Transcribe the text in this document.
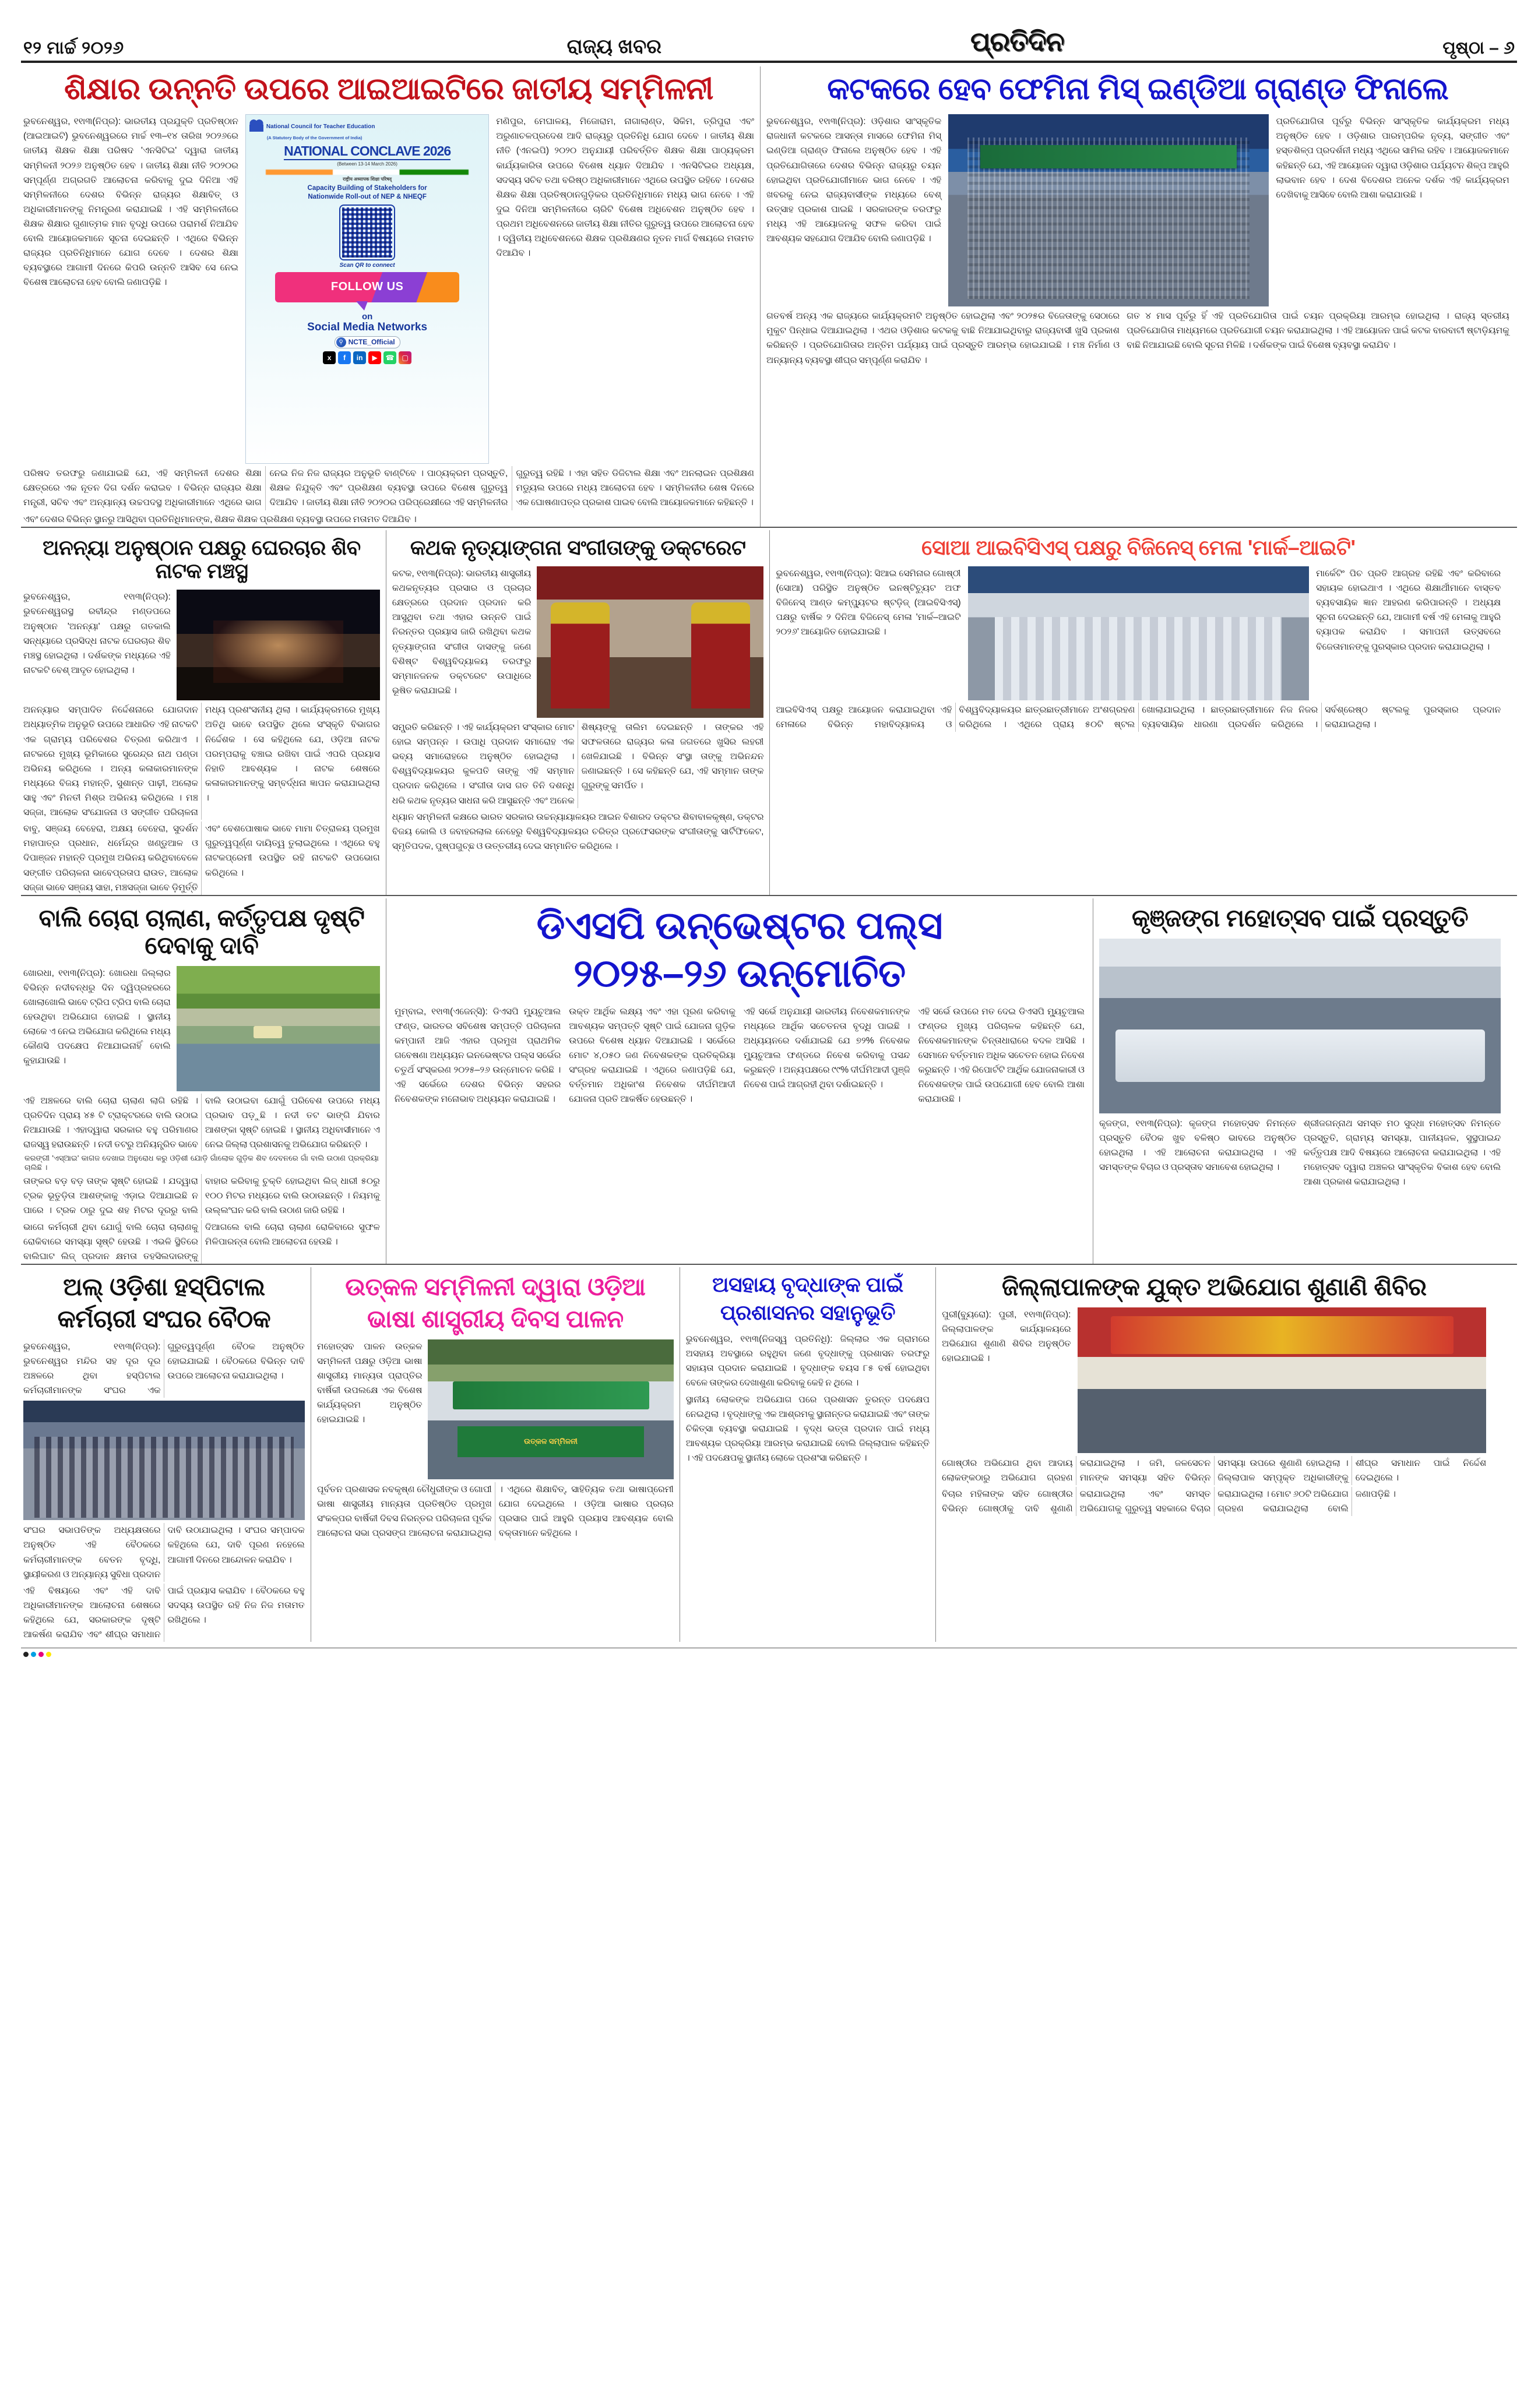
୧୨ ମାର୍ଚ୍ଚ ୨୦୨୬	ରାଜ୍ୟ ଖବର	ପ୍ରତିଦିନ	ପୃଷ୍ଠା – ୬
ଶିକ୍ଷାର ଉନ୍ନତି ଉପରେ ଆଇଆଇଟିରେ ଜାତୀୟ ସମ୍ମିଳନୀ
ଭୁବନେଶ୍ୱର, ୧୧ା୩(ନିପ୍ର): ଭାରତୀୟ ପ୍ରଯୁକ୍ତି ପ୍ରତିଷ୍ଠାନ (ଆଇଆଇଟି) ଭୁବନେଶ୍ୱରରେ ମାର୍ଚ୍ଚ ୧୩–୧୪ ତାରିଖ ୨୦୨୬ରେ ଜାତୀୟ ଶିକ୍ଷକ ଶିକ୍ଷା ପରିଷଦ 'ଏନସିଟିଇ' ଦ୍ୱାରା ଜାତୀୟ ସମ୍ମିଳନୀ ୨୦୨୬ ଅନୁଷ୍ଠିତ ହେବ । ଜାତୀୟ ଶିକ୍ଷା ନୀତି ୨୦୨୦ର ସମ୍ପୂର୍ଣ୍ଣ ଅଗ୍ରଗତି ଆଲୋଚନା କରିବାକୁ ଦୁଇ ଦିନିଆ ଏହି ସମ୍ମିଳନୀରେ ଦେଶର ବିଭିନ୍ନ ରାଜ୍ୟର ଶିକ୍ଷାବିତ୍ ଓ ଅଧିକାରୀମାନଙ୍କୁ ନିମନ୍ତ୍ରଣ କରାଯାଇଛି । ଏହି ସମ୍ମିଳନୀରେ ଶିକ୍ଷକ ଶିକ୍ଷାର ଗୁଣାତ୍ମକ ମାନ ବୃଦ୍ଧି ଉପରେ ପରାମର୍ଶ ନିଆଯିବ ବୋଲି ଆୟୋଜକମାନେ ସୂଚନା ଦେଇଛନ୍ତି । ଏଥିରେ ବିଭିନ୍ନ ରାଜ୍ୟର ପ୍ରତିନିଧିମାନେ ଯୋଗ ଦେବେ । ଦେଶର ଶିକ୍ଷା ବ୍ୟବସ୍ଥାରେ ଆଗାମୀ ଦିନରେ କିପରି ଉନ୍ନତି ଆସିବ ସେ ନେଇ ବିଶେଷ ଆଲୋଚନା ହେବ ବୋଲି ଜଣାପଡ଼ିଛି ।
National Council for Teacher Education
(A Statutory Body of the Government of India)
NATIONAL CONCLAVE 2026
(Between 13-14 March 2026)
राष्ट्रीय अध्यापक शिक्षा परिषद्
Capacity Building of Stakeholders for
Nationwide Roll-out of NEP & NHEQF
Scan QR to connect
FOLLOW US
on
Social Media Networks
⚲ NCTE_Official
x	f	in	▶	☎	▢
ମଣିପୁର, ମେଘାଳୟ, ମିଜୋରାମ, ନାଗାଲାଣ୍ଡ, ସିକିମ, ତ୍ରିପୁରା ଏବଂ ଅରୁଣାଚଳପ୍ରଦେଶ ଆଦି ରାଜ୍ୟରୁ ପ୍ରତିନିଧି ଯୋଗ ଦେବେ । ଜାତୀୟ ଶିକ୍ଷା ନୀତି (ଏନଇପି) ୨୦୨୦ ଅନୁଯାୟୀ ପରିବର୍ତ୍ତିତ ଶିକ୍ଷକ ଶିକ୍ଷା ପାଠ୍ୟକ୍ରମ କାର୍ଯ୍ୟକାରିତା ଉପରେ ବିଶେଷ ଧ୍ୟାନ ଦିଆଯିବ । ଏନସିଟିଇର ଅଧ୍ୟକ୍ଷ, ସଦସ୍ୟ ସଚିବ ତଥା ବରିଷ୍ଠ ଅଧିକାରୀମାନେ ଏଥିରେ ଉପସ୍ଥିତ ରହିବେ । ଦେଶର ଶିକ୍ଷକ ଶିକ୍ଷା ପ୍ରତିଷ୍ଠାନଗୁଡ଼ିକର ପ୍ରତିନିଧିମାନେ ମଧ୍ୟ ଭାଗ ନେବେ । ଏହି ଦୁଇ ଦିନିଆ ସମ୍ମିଳନୀରେ ଚାରିଟି ବିଶେଷ ଅଧିବେଶନ ଅନୁଷ୍ଠିତ ହେବ । ପ୍ରଥମ ଅଧିବେଶନରେ ଜାତୀୟ ଶିକ୍ଷା ନୀତିର ଗୁରୁତ୍ୱ ଉପରେ ଆଲୋଚନା ହେବ । ଦ୍ୱିତୀୟ ଅଧିବେଶନରେ ଶିକ୍ଷକ ପ୍ରଶିକ୍ଷଣର ନୂତନ ମାର୍ଗ ବିଷୟରେ ମତାମତ ଦିଆଯିବ ।
ପରିଷଦ ତରଫରୁ ଜଣାଯାଇଛି ଯେ, ଏହି ସମ୍ମିଳନୀ ଦେଶର ଶିକ୍ଷା କ୍ଷେତ୍ରରେ ଏକ ନୂତନ ଦିଗ ଦର୍ଶନ କରାଇବ । ବିଭିନ୍ନ ରାଜ୍ୟର ଶିକ୍ଷା ମନ୍ତ୍ରୀ, ସଚିବ ଏବଂ ଅନ୍ୟାନ୍ୟ ଉଚ୍ଚପଦସ୍ଥ ଅଧିକାରୀମାନେ ଏଥିରେ ଭାଗ ନେଇ ନିଜ ନିଜ ରାଜ୍ୟର ଅନୁଭୂତି ବାଣ୍ଟିବେ । ପାଠ୍ୟକ୍ରମ ପ୍ରସ୍ତୁତି, ଶିକ୍ଷକ ନିଯୁକ୍ତି ଏବଂ ପ୍ରଶିକ୍ଷଣ ବ୍ୟବସ୍ଥା ଉପରେ ବିଶେଷ ଗୁରୁତ୍ୱ ଦିଆଯିବ । ଜାତୀୟ ଶିକ୍ଷା ନୀତି ୨୦୨୦ର ପରିପ୍ରେକ୍ଷୀରେ ଏହି ସମ୍ମିଳନୀର ଗୁରୁତ୍ୱ ରହିଛି । ଏହା ସହିତ ଡିଜିଟାଲ ଶିକ୍ଷା ଏବଂ ଅନଲାଇନ ପ୍ରଶିକ୍ଷଣ ମଡ୍ୟୁଲ ଉପରେ ମଧ୍ୟ ଆଲୋଚନା ହେବ । ସମ୍ମିଳନୀର ଶେଷ ଦିନରେ ଏକ ଘୋଷଣାପତ୍ର ପ୍ରକାଶ ପାଇବ ବୋଲି ଆୟୋଜକମାନେ କହିଛନ୍ତି ।
ଏବଂ ଦେଶର ବିଭିନ୍ନ ସ୍ଥାନରୁ ଆସିଥିବା ପ୍ରତିନିଧିମାନଙ୍କ, ଶିକ୍ଷକ ଶିକ୍ଷକ ପ୍ରଶିକ୍ଷଣ ବ୍ୟବସ୍ଥା ଉପରେ ମତାମତ ଦିଆଯିବ ।
କଟକରେ ହେବ ଫେମିନା ମିସ୍ ଇଣ୍ଡିଆ ଗ୍ରାଣ୍ଡ ଫିନାଲେ
ଭୁବନେଶ୍ୱର, ୧୧ା୩(ନିପ୍ର): ଓଡ଼ିଶାର ସାଂସ୍କୃତିକ ରାଜଧାନୀ କଟକରେ ଆସନ୍ତା ମାସରେ ଫେମିନା ମିସ୍ ଇଣ୍ଡିଆ ଗ୍ରାଣ୍ଡ ଫିନାଲେ ଅନୁଷ୍ଠିତ ହେବ । ଏହି ପ୍ରତିଯୋଗିତାରେ ଦେଶର ବିଭିନ୍ନ ରାଜ୍ୟରୁ ଚୟନ ହୋଇଥିବା ପ୍ରତିଯୋଗୀମାନେ ଭାଗ ନେବେ । ଏହି ଖବରକୁ ନେଇ ରାଜ୍ୟବାସୀଙ୍କ ମଧ୍ୟରେ ବେଶ୍ ଉତ୍ସାହ ପ୍ରକାଶ ପାଇଛି । ସରକାରଙ୍କ ତରଫରୁ ମଧ୍ୟ ଏହି ଆୟୋଜନକୁ ସଫଳ କରିବା ପାଇଁ ଆବଶ୍ୟକ ସହଯୋଗ ଦିଆଯିବ ବୋଲି ଜଣାପଡ଼ିଛି ।
ପ୍ରତିଯୋଗିତା ପୂର୍ବରୁ ବିଭିନ୍ନ ସାଂସ୍କୃତିକ କାର୍ଯ୍ୟକ୍ରମ ମଧ୍ୟ ଅନୁଷ୍ଠିତ ହେବ । ଓଡ଼ିଶାର ପାରମ୍ପରିକ ନୃତ୍ୟ, ସଙ୍ଗୀତ ଏବଂ ହସ୍ତଶିଳ୍ପ ପ୍ରଦର୍ଶନୀ ମଧ୍ୟ ଏଥିରେ ସାମିଲ ରହିବ । ଆୟୋଜକମାନେ କହିଛନ୍ତି ଯେ, ଏହି ଆୟୋଜନ ଦ୍ୱାରା ଓଡ଼ିଶାର ପର୍ଯ୍ୟଟନ ଶିଳ୍ପ ଆହୁରି ଲାଭବାନ ହେବ । ଦେଶ ବିଦେଶର ଅନେକ ଦର୍ଶକ ଏହି କାର୍ଯ୍ୟକ୍ରମ ଦେଖିବାକୁ ଆସିବେ ବୋଲି ଆଶା କରାଯାଉଛି ।
ଗତବର୍ଷ ଅନ୍ୟ ଏକ ରାଜ୍ୟରେ କାର୍ଯ୍ୟକ୍ରମଟି ଅନୁଷ୍ଠିତ ହୋଇଥିଲା ଏବଂ ୨୦୨୫ର ବିଜେତାଙ୍କୁ ସେଠାରେ ମୁକୁଟ ପିନ୍ଧାଇ ଦିଆଯାଇଥିଲା । ଏଥର ଓଡ଼ିଶାର କଟକକୁ ବାଛି ନିଆଯାଇଥିବାରୁ ରାଜ୍ୟବାସୀ ଖୁସି ପ୍ରକାଶ କରିଛନ୍ତି । ପ୍ରତିଯୋଗିତାର ଅନ୍ତିମ ପର୍ଯ୍ୟାୟ ପାଇଁ ପ୍ରସ୍ତୁତି ଆରମ୍ଭ ହୋଇଯାଇଛି । ମଞ୍ଚ ନିର୍ମାଣ ଓ ଅନ୍ୟାନ୍ୟ ବ୍ୟବସ୍ଥା ଶୀଘ୍ର ସମ୍ପୂର୍ଣ୍ଣ କରାଯିବ ।
ଗତ ୪ ମାସ ପୂର୍ବରୁ ହିଁ ଏହି ପ୍ରତିଯୋଗିତା ପାଇଁ ଚୟନ ପ୍ରକ୍ରିୟା ଆରମ୍ଭ ହୋଇଥିଲା । ରାଜ୍ୟ ସ୍ତରୀୟ ପ୍ରତିଯୋଗିତା ମାଧ୍ୟମରେ ପ୍ରତିଯୋଗୀ ଚୟନ କରାଯାଇଥିଲା । ଏହି ଆୟୋଜନ ପାଇଁ କଟକ ବାରବାଟୀ ଷ୍ଟାଡ଼ିୟମକୁ ବାଛି ନିଆଯାଇଛି ବୋଲି ସୂଚନା ମିଳିଛି । ଦର୍ଶକଙ୍କ ପାଇଁ ବିଶେଷ ବ୍ୟବସ୍ଥା କରାଯିବ ।
ଅନନ୍ୟା ଅନୁଷ୍ଠାନ ପକ୍ଷରୁ ଘେରଚାର ଶିବ ନାଟକ ମଞ୍ଚସ୍ଥ
ଭୁବନେଶ୍ୱର, ୧୧ା୩(ନିପ୍ର): ଭୁବନେଶ୍ୱରସ୍ଥ ରବୀନ୍ଦ୍ର ମଣ୍ଡପରେ ଅନୁଷ୍ଠାନ 'ଅନନ୍ୟା' ପକ୍ଷରୁ ଗତକାଲି ସନ୍ଧ୍ୟାରେ ପ୍ରସିଦ୍ଧ ନାଟକ ଘେରଚାର ଶିବ ମଞ୍ଚସ୍ଥ ହୋଇଥିଲା । ଦର୍ଶକଙ୍କ ମଧ୍ୟରେ ଏହି ନାଟକଟି ବେଶ୍ ଆଦୃତ ହୋଇଥିଲା ।
ଅନନ୍ୟାର ସମ୍ପାଦିତ ନିର୍ଦ୍ଦେଶନାରେ ଯୋଗଦାନ ଅଧ୍ୟାତ୍ମିକ ଅନୁଭୂତି ଉପରେ ଆଧାରିତ ଏହି ନାଟକଟି ଏକ ଗ୍ରାମ୍ୟ ପରିବେଶର ଚିତ୍ରଣ କରିଥାଏ । ନାଟକରେ ମୁଖ୍ୟ ଭୂମିକାରେ ସୁରେନ୍ଦ୍ର ନାଥ ପଣ୍ଡା ଅଭିନୟ କରିଥିଲେ । ଅନ୍ୟ କଳାକାରମାନଙ୍କ ମଧ୍ୟରେ ବିଜୟ ମହାନ୍ତି, ସୁଶାନ୍ତ ପାଢ଼ୀ, ଅଲୋକ ସାହୁ ଏବଂ ମିନତୀ ମିଶ୍ର ଅଭିନୟ କରିଥିଲେ । ମଞ୍ଚ ସଜ୍ଜା, ଆଲୋକ ସଂଯୋଜନା ଓ ସଙ୍ଗୀତ ପରିଚାଳନା ମଧ୍ୟ ପ୍ରଶଂସନୀୟ ଥିଲା । କାର୍ଯ୍ୟକ୍ରମରେ ମୁଖ୍ୟ ଅତିଥି ଭାବେ ଉପସ୍ଥିତ ଥିଲେ ସଂସ୍କୃତି ବିଭାଗର ନିର୍ଦ୍ଦେଶକ । ସେ କହିଥିଲେ ଯେ, ଓଡ଼ିଆ ନାଟକ ପରମ୍ପରାକୁ ବଞ୍ଚାଇ ରଖିବା ପାଇଁ ଏପରି ପ୍ରୟାସ ନିହାତି ଆବଶ୍ୟକ । ନାଟକ ଶେଷରେ କଳାକାରମାନଙ୍କୁ ସମ୍ବର୍ଦ୍ଧନା ଜ୍ଞାପନ କରାଯାଇଥିଲା ।
ବାବୁ, ସଞ୍ଜୟ ବେହେରା, ଅକ୍ଷୟ ବେହେରା, ସୁଦର୍ଶନ ମହାପାତ୍ର ପ୍ରଧାନ, ଧର୍ମେନ୍ଦ୍ର ଖଣ୍ଡୁଆଳ ଓ ଦିପାଞ୍ଜନ ମହାନ୍ତି ପ୍ରମୁଖ ଅଭିନୟ କରିଥିବାବେଳେ ସଙ୍ଗୀତ ପରିଚାଳନା ଭାବେପ୍ରତାପ ରାଉତ, ଆଲୋକ ସଜ୍ଜା ଭାବେ ସଞ୍ଜୟ ସାହା, ମଞ୍ଚସଜ୍ଜା ଭାବେ ଡ଼ିମୁର୍ତ୍ତି ଏବଂ ବେଶପୋଷାକ ଭାବେ ମାମା ଚିତ୍ରାଳୟ ପ୍ରମୁଖ ଗୁରୁତ୍ୱପୂର୍ଣ୍ଣ ଦାୟିତ୍ୱ ତୁଲାଇଥିଲେ । ଏଥିରେ ବହୁ ନାଟକପ୍ରେମୀ ଉପସ୍ଥିତ ରହି ନାଟକଟି ଉପଭୋଗ କରିଥିଲେ ।
କଥକ ନୃତ୍ୟାଙ୍ଗନା ସଂଗୀତାଙ୍କୁ ଡକ୍ଟରେଟ
କଟକ, ୧୧ା୩(ନିପ୍ର): ଭାରତୀୟ ଶାସ୍ତ୍ରୀୟ କଥକନୃତ୍ୟର ପ୍ରସାର ଓ ପ୍ରଚାର କ୍ଷେତ୍ରରେ ପ୍ରଦାନ ପ୍ରଦାନ କରି ଆସୁଥିବା ତଥା ଏହାର ଉନ୍ନତି ପାଇଁ ନିରନ୍ତର ପ୍ରୟାସ ଜାରି ରଖିଥିବା କଥକ ନୃତ୍ୟାଙ୍ଗନା ସଂଗୀତା ଦାସଙ୍କୁ ଜଣେ ବିଶିଷ୍ଟ ବିଶ୍ୱବିଦ୍ୟାଳୟ ତରଫରୁ ସମ୍ମାନଜନକ ଡକ୍ଟରେଟ ଉପାଧିରେ ଭୂଷିତ କରାଯାଇଛି ।
ସମ୍ପ୍ରତି କରିଛନ୍ତି । ଏହି କାର୍ଯ୍ୟକ୍ରମ ସଂସ୍କାର ମୋଟ ହୋଇ ସମ୍ପନ୍ନ । ଉପାଧି ପ୍ରଦାନ ସମାରୋହ ଏକ ଭବ୍ୟ ସମାରୋହରେ ଅନୁଷ୍ଠିତ ହୋଇଥିଲା । ବିଶ୍ୱବିଦ୍ୟାଳୟର କୁଳପତି ତାଙ୍କୁ ଏହି ସମ୍ମାନ ପ୍ରଦାନ କରିଥିଲେ । ସଂଗୀତା ଦାସ ଗତ ତିନି ଦଶନ୍ଧି ଧରି କଥକ ନୃତ୍ୟର ସାଧନା କରି ଆସୁଛନ୍ତି ଏବଂ ଅନେକ ଶିଷ୍ୟଙ୍କୁ ତାଲିମ ଦେଇଛନ୍ତି । ତାଙ୍କର ଏହି ସଫଳତାରେ ରାଜ୍ୟର କଳା ଜଗତରେ ଖୁସିର ଲହରୀ ଖେଳିଯାଇଛି । ବିଭିନ୍ନ ସଂସ୍ଥା ତାଙ୍କୁ ଅଭିନନ୍ଦନ ଜଣାଇଛନ୍ତି । ସେ କହିଛନ୍ତି ଯେ, ଏହି ସମ୍ମାନ ତାଙ୍କ ଗୁରୁଙ୍କୁ ସମର୍ପିତ ।
ଧ୍ୟାନ ସମ୍ମିଳନୀ କକ୍ଷରେ ଭାରତ ସରକାର ଉଚ୍ଚନ୍ୟାୟାଳୟର ଆଇନ ବିଶାରଦ ଡକ୍ଟର ଶିବାବାଳକୃଷ୍ଣ, ଡକ୍ଟର ବିଜୟ କୋଲି ଓ ଜବାହରଲାଲ ନେହେରୁ ବିଶ୍ୱବିଦ୍ୟାଳୟର ଚରିତ୍ର ପ୍ରଫେସରଙ୍କ ସଂଗୀତାଙ୍କୁ ସାର୍ଟିଫିକେଟ, ସ୍ମୃତିପଦକ, ପୁଷ୍ପଗୁଚ୍ଛ ଓ ଉତ୍ତରୀୟ ଦେଇ ସମ୍ମାନିତ କରିଥିଲେ ।
ସୋଆ ଆଇବିସିଏସ୍ ପକ୍ଷରୁ ବିଜିନେସ୍ ମେଳା 'ମାର୍କ–ଆଇଟି'
ଭୁବନେଶ୍ୱର, ୧୧ା୩(ନିପ୍ର): ସିଆଇ ସେମିନାର ଗୋଷ୍ଠୀ (ସୋଆ) ପରିସ୍ଥିତ ଅନୁଷ୍ଠିତ ଇନଷ୍ଟିଚ୍ୟୁଟ ଅଫ ବିଜିନେସ୍ ଆଣ୍ଡ କମ୍ପ୍ୟୁଟର ଷ୍ଟଡ଼ିଜ୍ (ଆଇବିସିଏସ୍) ପକ୍ଷରୁ ବାର୍ଷିକ ୨ ଦିନିଆ ବିଜିନେସ୍ ମେଳା 'ମାର୍କ–ଆଇଟି ୨୦୨୬' ଆୟୋଜିତ ହୋଇଯାଇଛି ।
ମାର୍କେଟିଂ ପିଚ ପ୍ରତି ଆଗ୍ରହ ରହିଛି ଏବଂ କରିବାରେ ସହାୟକ ହୋଇଥାଏ । ଏଥିରେ ଶିକ୍ଷାର୍ଥୀମାନେ ବାସ୍ତବ ବ୍ୟବସାୟିକ ଜ୍ଞାନ ଆହରଣ କରିପାରନ୍ତି । ଅଧ୍ୟକ୍ଷ ସୂଚନା ଦେଇଛନ୍ତି ଯେ, ଆଗାମୀ ବର୍ଷ ଏହି ମେଳାକୁ ଆହୁରି ବ୍ୟାପକ କରାଯିବ । ସମାପନୀ ଉତ୍ସବରେ ବିଜେତାମାନଙ୍କୁ ପୁରସ୍କାର ପ୍ରଦାନ କରାଯାଇଥିଲା ।
ଆଇବିସିଏସ୍ ପକ୍ଷରୁ ଆୟୋଜନ କରାଯାଇଥିବା ଏହି ମେଳାରେ ବିଭିନ୍ନ ମହାବିଦ୍ୟାଳୟ ଓ ବିଶ୍ୱବିଦ୍ୟାଳୟର ଛାତ୍ରଛାତ୍ରୀମାନେ ଅଂଶଗ୍ରହଣ କରିଥିଲେ । ଏଥିରେ ପ୍ରାୟ ୫୦ଟି ଷ୍ଟଲ ଖୋଲାଯାଇଥିଲା । ଛାତ୍ରଛାତ୍ରୀମାନେ ନିଜ ନିଜର ବ୍ୟବସାୟିକ ଧାରଣା ପ୍ରଦର୍ଶନ କରିଥିଲେ । ସର୍ବଶ୍ରେଷ୍ଠ ଷ୍ଟଲକୁ ପୁରସ୍କାର ପ୍ରଦାନ କରାଯାଇଥିଲା ।
ବାଲି ଚୋରା ଚାଲାଣ, କର୍ତ୍ତୃପକ୍ଷ ଦୃଷ୍ଟି ଦେବାକୁ ଦାବି
ଖୋରଧା, ୧୧ା୩(ନିପ୍ର): ଖୋରଧା ଜିଲ୍ଲାର ବିଭିନ୍ନ ନଦୀବନ୍ଧରୁ ଦିନ ଦ୍ୱିପ୍ରହରରେ ଖୋଲାଖୋଲି ଭାବେ ଟ୍ରିପ ଟ୍ରିପ ବାଲି ଚୋରା ହେଉଥିବା ଅଭିଯୋଗ ହୋଇଛି । ସ୍ଥାନୀୟ ଲୋକେ ଏ ନେଇ ଅଭିଯୋଗ କରିଥିଲେ ମଧ୍ୟ କୌଣସି ପଦକ୍ଷେପ ନିଆଯାଇନାହିଁ ବୋଲି କୁହାଯାଉଛି ।
ଏହି ଅଞ୍ଚଳରେ ବାଲି ଚୋରା ଚାଲାଣ ଲାଗି ରହିଛି । ପ୍ରତିଦିନ ପ୍ରାୟ ୪୫ ଟି ଟ୍ରାକ୍ଟରରେ ବାଲି ଉଠାଇ ନିଆଯାଉଛି । ଏହାଦ୍ୱାରା ସରକାର ବହୁ ପରିମାଣର ରାଜସ୍ୱ ହରାଉଛନ୍ତି । ନଦୀ ତଟରୁ ଅନିୟନ୍ତ୍ରିତ ଭାବେ ବାଲି ଉଠାଇବା ଯୋଗୁଁ ପରିବେଶ ଉପରେ ମଧ୍ୟ ପ୍ରଭାବ ପଡ଼ୁଛି । ନଦୀ ତଟ ଭାଙ୍ଗି ଯିବାର ଆଶଙ୍କା ସୃଷ୍ଟି ହୋଇଛି । ସ୍ଥାନୀୟ ଅଧିବାସୀମାନେ ଏ ନେଇ ଜିଲ୍ଲା ପ୍ରଶାସନକୁ ଅଭିଯୋଗ କରିଛନ୍ତି ।
କରଙ୍ଗୀ 'ଏସ୍‌ଆଇ' କାଗଜ ଦେଖାଇ ଅନୁରୋଧ କରୁ ଓଡ଼ିଶୀ ଯୋଡ଼ି ଗାଁଲୋକ ଗୁଡ଼ିକ ଶିବ ଦେବନରେ ଗାଁ ବାଲି ଉଠାଣ ପ୍ରକ୍ରିୟା ଚାଲିଛି ।
ତାଙ୍କର ବଡ଼ ବଡ଼ ତାଙ୍କ ସୃଷ୍ଟି ହୋଇଛି । ଯଦ୍ୱାରା ଟ୍ରକ ଭୂତୁଡ଼ିତା ଆଶଙ୍କାକୁ ଏଡ଼ାଇ ଦିଆଯାଇଛି ନ ପାରେ । ଟ୍ରକ ଠାରୁ ଦୁଇ ଶହ ମିଟର ଦୂରରୁ ବାଲି ବାହାର କରିବାକୁ ଚୁକ୍ତି ହୋଇଥିବା ଲିଜ୍ ଧାରୀ ୫୦ରୁ ୧୦୦ ମିଟର ମଧ୍ୟରେ ବାଲି ଉଠାଉଛନ୍ତି । ନିୟମକୁ ଉଲ୍ଲଂଘନ କରି ବାଲି ଉଠାଣ ଜାରି ରହିଛି ।
ଭାଗେ କର୍ମଚାରୀ ଥିବା ଯୋଗୁଁ ବାଲି ଚୋରା ଚାଲାଣକୁ ରୋକିବାରେ ସମସ୍ୟା ସୃଷ୍ଟି ହେଉଛି । ଏଭଳି ସ୍ଥିତିରେ ବାଲିଘାଟ ଲିଜ୍ ପ୍ରଦାନ କ୍ଷମତା ତହସିଲଦାରଙ୍କୁ ଦିଆଗଲେ ବାଲି ଚୋରା ଚାଲାଣ ରୋକିବାରେ ସୁଫଳ ମିଳିପାରନ୍ତା ବୋଲି ଆଲୋଚନା ହେଉଛି ।
ଡିଏସପି ଉନ୍‌ଭେଷ୍ଟର ପଲ୍‌ସ
୨୦୨୫–୨୬ ଉନ୍‌ମୋଚିତ
ମୁମ୍ବାଇ, ୧୧ା୩(ଏଜେନ୍ସି): ଡିଏସପି ମ୍ୟୁଚୁଆଲ ଫଣ୍ଡ, ଭାରତର ସବିଶେଷ ସମ୍ପତ୍ତି ପରିଚାଳନା କମ୍ପାନୀ ଆଜି ଏହାର ପ୍ରମୁଖ ପ୍ରାଥମିକ ଗବେଷଣା ଅଧ୍ୟୟନ ଇନଭେଷ୍ଟର ପଲ୍‌ସ ସର୍ଭେର ଚତୁର୍ଥ ସଂସ୍କରଣ ୨୦୨୫–୨୬ ଉନ୍‌ମୋଚନ କରିଛି । ଏହି ସର୍ଭେରେ ଦେଶର ବିଭିନ୍ନ ସହରର ନିବେଶକଙ୍କ ମନୋଭାବ ଅଧ୍ୟୟନ କରାଯାଇଛି ।
ଉକ୍ତ ଆର୍ଥିକ ଲକ୍ଷ୍ୟ ଏବଂ ଏହା ପୂରଣ କରିବାକୁ ଆବଶ୍ୟକ ସମ୍ପତ୍ତି ସୃଷ୍ଟି ପାଇଁ ଯୋଜନା ଗୁଡ଼ିକ ଉପରେ ବିଶେଷ ଧ୍ୟାନ ଦିଆଯାଇଛି । ସର୍ଭେରେ ମୋଟ ୪,୦୫୦ ଜଣ ନିବେଶକଙ୍କ ପ୍ରତିକ୍ରିୟା ସଂଗ୍ରହ କରାଯାଇଛି । ଏଥିରେ ଜଣାପଡ଼ିଛି ଯେ, ବର୍ତ୍ତମାନ ଅଧିକାଂଶ ନିବେଶକ ଦୀର୍ଘମିଆଦୀ ଯୋଜନା ପ୍ରତି ଆକର୍ଷିତ ହେଉଛନ୍ତି ।
ଏହି ସର୍ଭେ ଅନୁଯାୟୀ ଭାରତୀୟ ନିବେଶକମାନଙ୍କ ମଧ୍ୟରେ ଆର୍ଥିକ ସଚେତନତା ବୃଦ୍ଧି ପାଇଛି । ଅଧ୍ୟୟନରେ ଦର୍ଶାଯାଇଛି ଯେ ୭୨% ନିବେଶକ ମ୍ୟୁଚୁଆଲ ଫଣ୍ଡରେ ନିବେଶ କରିବାକୁ ପସନ୍ଦ କରୁଛନ୍ତି । ଅନ୍ୟପକ୍ଷରେ ୯୯% ଦୀର୍ଘମିଆଦୀ ପୁଞ୍ଜି ନିବେଶ ପାଇଁ ଆଗ୍ରହୀ ଥିବା ଦର୍ଶାଇଛନ୍ତି ।
ଏହି ସର୍ଭେ ଉପରେ ମତ ଦେଇ ଡିଏସପି ମ୍ୟୁଚୁଆଲ ଫଣ୍ଡର ମୁଖ୍ୟ ପରିଚାଳକ କହିଛନ୍ତି ଯେ, ନିବେଶକମାନଙ୍କ ଚିନ୍ତାଧାରାରେ ବଦଳ ଆସିଛି । ସେମାନେ ବର୍ତ୍ତମାନ ଅଧିକ ସଚେତନ ହୋଇ ନିବେଶ କରୁଛନ୍ତି । ଏହି ରିପୋର୍ଟଟି ଆର୍ଥିକ ଯୋଜନାକାରୀ ଓ ନିବେଶକଙ୍କ ପାଇଁ ଉପଯୋଗୀ ହେବ ବୋଲି ଆଶା କରାଯାଉଛି ।
କୃଞ୍ଜଙ୍ଗ ମହୋତ୍ସବ ପାଇଁ ପ୍ରସ୍ତୁତି
କୃଜଙ୍ଗ, ୧୧ା୩(ନିପ୍ର): କୃଜଙ୍ଗ ମହୋତ୍ସବ ନିମନ୍ତେ ପ୍ରସ୍ତୁତି ବୈଠକ ଖୁବ ବଳିଷ୍ଠ ଭାବରେ ଅନୁଷ୍ଠିତ ହୋଇଥିଲା । ଏହି ଆଲୋଚନା କରାଯାଇଥିଲା । ଏହି ସମସ୍ତଙ୍କ ବିଚାର ଓ ପ୍ରସ୍ତାବ ସମାବେଶ ହୋଇଥିଲା ।
ଶ୍ରୀଜଗନ୍ନାଥ ସମସ୍ତ ମଠ ସୁଦ୍ଧା ମହୋତ୍ସବ ନିମନ୍ତେ ପ୍ରସ୍ତୁତି, ଗ୍ରାମ୍ୟ ସମସ୍ୟା, ପାନୀୟଜଳ, ସୁସ୍ଥପାଇନ୍ଦ କର୍ତ୍ତୃପକ୍ଷ ଆଦି ବିଷୟରେ ଆଲୋଚନା କରାଯାଇଥିଲା । ଏହି ମହୋତ୍ସବ ଦ୍ୱାରା ଅଞ୍ଚଳର ସାଂସ୍କୃତିକ ବିକାଶ ହେବ ବୋଲି ଆଶା ପ୍ରକାଶ କରାଯାଇଥିଲା ।
ଅଲ୍ ଓଡ଼ିଶା ହସ୍ପିଟାଲ
କର୍ମଚାରୀ ସଂଘର ବୈଠକ
ଭୁବନେଶ୍ୱର, ୧୧ା୩(ନିପ୍ର): ଭୁବନେଶ୍ୱର ମନ୍ଦିର ସହ ଦୂର ଦୂର ଅଞ୍ଚଳରେ ଥିବା ହସ୍ପିଟାଲ କର୍ମଚାରୀମାନଙ୍କ ସଂଘର ଏକ ଗୁରୁତ୍ୱପୂର୍ଣ୍ଣ ବୈଠକ ଅନୁଷ୍ଠିତ ହୋଇଯାଇଛି । ବୈଠକରେ ବିଭିନ୍ନ ଦାବି ଉପରେ ଆଲୋଚନା କରାଯାଇଥିଲା ।
ସଂଘର ସଭାପତିଙ୍କ ଅଧ୍ୟକ୍ଷତାରେ ଅନୁଷ୍ଠିତ ଏହି ବୈଠକରେ କର୍ମଚାରୀମାନଙ୍କ ବେତନ ବୃଦ୍ଧି, ସ୍ଥାୟୀକରଣ ଓ ଅନ୍ୟାନ୍ୟ ସୁବିଧା ପ୍ରଦାନ ଦାବି ଉଠାଯାଇଥିଲା । ସଂଘର ସମ୍ପାଦକ କହିଥିଲେ ଯେ, ଦାବି ପୂରଣ ନହେଲେ ଆଗାମୀ ଦିନରେ ଆନ୍ଦୋଳନ କରାଯିବ ।
ଏହି ବିଷୟରେ ଏବଂ ଏହି ଦାବି ଅଧିକାରୀମାନଙ୍କ ଆଲୋଚନା ଶେଷରେ କହିଥିଲେ ଯେ, ସରକାରଙ୍କ ଦୃଷ୍ଟି ଆକର୍ଷଣ କରାଯିବ ଏବଂ ଶୀଘ୍ର ସମାଧାନ ପାଇଁ ପ୍ରୟାସ କରାଯିବ । ବୈଠକରେ ବହୁ ସଦସ୍ୟ ଉପସ୍ଥିତ ରହି ନିଜ ନିଜ ମତାମତ ରଖିଥିଲେ ।
ଉତ୍କଳ ସମ୍ମିଳନୀ ଦ୍ୱାରା ଓଡ଼ିଆ
ଭାଷା ଶାସ୍ତ୍ରୀୟ ଦିବସ ପାଳନ
ମହୋତ୍ସବ ପାଳନ ଉତ୍କଳ ସମ୍ମିଳନୀ ପକ୍ଷରୁ ଓଡ଼ିଆ ଭାଷା ଶାସ୍ତ୍ରୀୟ ମାନ୍ୟତା ପ୍ରାପ୍ତିର ବାର୍ଷିକୀ ଉପଲକ୍ଷେ ଏକ ବିଶେଷ କାର୍ଯ୍ୟକ୍ରମ ଅନୁଷ୍ଠିତ ହୋଇଯାଇଛି ।
ଉତ୍କଳ ସମ୍ମିଳନୀ
ପୂର୍ବତନ ପ୍ରଶାସକ ନବକୃଷ୍ଣ ଚୌଧୁରୀଙ୍କ ଓ ଗୋପୀ ଭାଷା ଶାସ୍ତ୍ରୀୟ ମାନ୍ୟତା ପ୍ରତିଷ୍ଠିତ ପ୍ରମୁଖ ସଂକଳ୍ପର ବାର୍ଷିକୀ ଦିବସ ନିରନ୍ତର ପରିଚାଳନା ପୂର୍ବକ ଆଲୋଚନା ସଭା ପ୍ରସଙ୍ଗ ଆଲୋଚନା କରାଯାଇଥିଲା । ଏଥିରେ ଶିକ୍ଷାବିତ୍, ସାହିତ୍ୟିକ ତଥା ଭାଷାପ୍ରେମୀ ଯୋଗ ଦେଇଥିଲେ । ଓଡ଼ିଆ ଭାଷାର ପ୍ରଚାର ପ୍ରସାର ପାଇଁ ଆହୁରି ପ୍ରୟାସ ଆବଶ୍ୟକ ବୋଲି ବକ୍ତାମାନେ କହିଥିଲେ ।
ଅସହାୟ ବୃଦ୍ଧାଙ୍କ ପାଇଁ
ପ୍ରଶାସନର ସହାନୁଭୂତି
ଭୁବନେଶ୍ୱର, ୧୧ା୩(ନିଜସ୍ୱ ପ୍ରତିନିଧି): ଜିଲ୍ଲାର ଏକ ଗ୍ରାମରେ ଅସହାୟ ଅବସ୍ଥାରେ ରହୁଥିବା ଜଣେ ବୃଦ୍ଧାଙ୍କୁ ପ୍ରଶାସନ ତରଫରୁ ସହାୟତା ପ୍ରଦାନ କରାଯାଇଛି । ବୃଦ୍ଧାଙ୍କ ବୟସ ୮୫ ବର୍ଷ ହୋଇଥିବା ବେଳେ ତାଙ୍କର ଦେଖାଶୁଣା କରିବାକୁ କେହି ନ ଥିଲେ ।
ସ୍ଥାନୀୟ ଲୋକଙ୍କ ଅଭିଯୋଗ ପରେ ପ୍ରଶାସନ ତୁରନ୍ତ ପଦକ୍ଷେପ ନେଇଥିଲା । ବୃଦ୍ଧାଙ୍କୁ ଏକ ଆଶ୍ରମକୁ ସ୍ଥାନାନ୍ତର କରାଯାଇଛି ଏବଂ ତାଙ୍କ ଚିକିତ୍ସା ବ୍ୟବସ୍ଥା କରାଯାଇଛି । ବୃଦ୍ଧ ଭତ୍ତା ପ୍ରଦାନ ପାଇଁ ମଧ୍ୟ ଆବଶ୍ୟକ ପ୍ରକ୍ରିୟା ଆରମ୍ଭ କରାଯାଇଛି ବୋଲି ଜିଲ୍ଲାପାଳ କହିଛନ୍ତି । ଏହି ପଦକ୍ଷେପକୁ ସ୍ଥାନୀୟ ଲୋକେ ପ୍ରଶଂସା କରିଛନ୍ତି ।
ଜିଲ୍ଲାପାଳଙ୍କ ଯୁକ୍ତ ଅଭିଯୋଗ ଶୁଣାଣି ଶିବିର
ପୁରୀ(ବ୍ୟୁରୋ): ପୁରୀ, ୧୧ା୩(ନିପ୍ର): ଜିଲ୍ଲାପାଳଙ୍କ କାର୍ଯ୍ୟାଳୟରେ ଅଭିଯୋଗ ଶୁଣାଣି ଶିବିର ଅନୁଷ୍ଠିତ ହୋଇଯାଇଛି ।
ଗୋଷ୍ଠୀର ଅଭିଯୋଗ ଥିବା ଆଦାୟ ଲୋକଙ୍କଠାରୁ ଅଭିଯୋଗ ଗ୍ରହଣ କରାଯାଇଥିଲା । ଜମି, ଜଳସେଚନ ମାନଙ୍କ ସମସ୍ୟା ସହିତ ବିଭିନ୍ନ ସମସ୍ୟା ଉପରେ ଶୁଣାଣି ହୋଇଥିଲା । ଜିଲ୍ଲାପାଳ ସମ୍ପୃକ୍ତ ଅଧିକାରୀଙ୍କୁ ଶୀଘ୍ର ସମାଧାନ ପାଇଁ ନିର୍ଦ୍ଦେଶ ଦେଇଥିଲେ ।
ବିଚାର ମହିଳାଙ୍କ ସହିତ ଗୋଷ୍ଠୀର ବିଭିନ୍ନ ଗୋଷ୍ଠୀକୁ ଦାବି ଶୁଣାଣି କରାଯାଇଥିଲା ଏବଂ ସମସ୍ତ ଅଭିଯୋଗକୁ ଗୁରୁତ୍ୱ ସହକାରେ ବିଚାର କରାଯାଇଥିଲା । ମୋଟ ୬୦ଟି ଅଭିଯୋଗ ଗ୍ରହଣ କରାଯାଇଥିଲା ବୋଲି ଜଣାପଡ଼ିଛି ।
